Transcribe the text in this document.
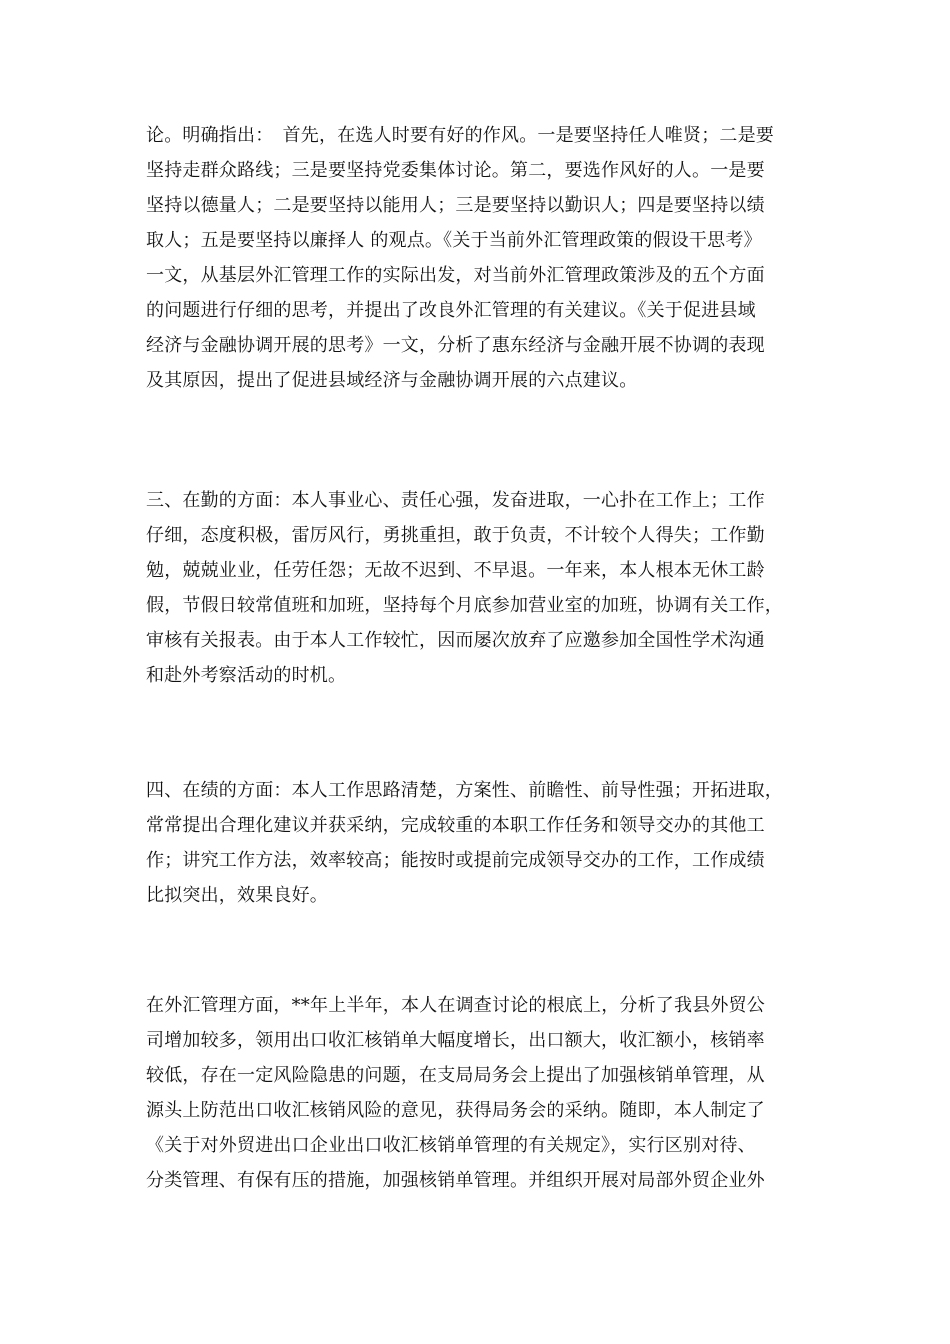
论。明确指出：　首先，在选人时要有好的作风。一是要坚持任人唯贤；二是要
坚持走群众路线；三是要坚持党委集体讨论。第二，要选作风好的人。一是要
坚持以德量人；二是要坚持以能用人；三是要坚持以勤识人；四是要坚持以绩
取人；五是要坚持以廉择人 的观点。《关于当前外汇管理政策的假设干思考》
一文，从基层外汇管理工作的实际出发，对当前外汇管理政策涉及的五个方面
的问题进行仔细的思考，并提出了改良外汇管理的有关建议。《关于促进县域
经济与金融协调开展的思考》一文，分析了惠东经济与金融开展不协调的表现
及其原因，提出了促进县域经济与金融协调开展的六点建议。
三、在勤的方面：本人事业心、责任心强，发奋进取，一心扑在工作上；工作
仔细，态度积极，雷厉风行，勇挑重担，敢于负责，不计较个人得失；工作勤
勉，兢兢业业，任劳任怨；无故不迟到、不早退。一年来，本人根本无休工龄
假，节假日较常值班和加班，坚持每个月底参加营业室的加班，协调有关工作，
审核有关报表。由于本人工作较忙，因而屡次放弃了应邀参加全国性学术沟通
和赴外考察活动的时机。
四、在绩的方面：本人工作思路清楚，方案性、前瞻性、前导性强；开拓进取，
常常提出合理化建议并获采纳，完成较重的本职工作任务和领导交办的其他工
作；讲究工作方法，效率较高；能按时或提前完成领导交办的工作，工作成绩
比拟突出，效果良好。
在外汇管理方面，**年上半年，本人在调查讨论的根底上，分析了我县外贸公
司增加较多，领用出口收汇核销单大幅度增长，出口额大，收汇额小，核销率
较低，存在一定风险隐患的问题，在支局局务会上提出了加强核销单管理，从
源头上防范出口收汇核销风险的意见，获得局务会的采纳。随即，本人制定了
《关于对外贸进出口企业出口收汇核销单管理的有关规定》，实行区别对待、
分类管理、有保有压的措施，加强核销单管理。并组织开展对局部外贸企业外
